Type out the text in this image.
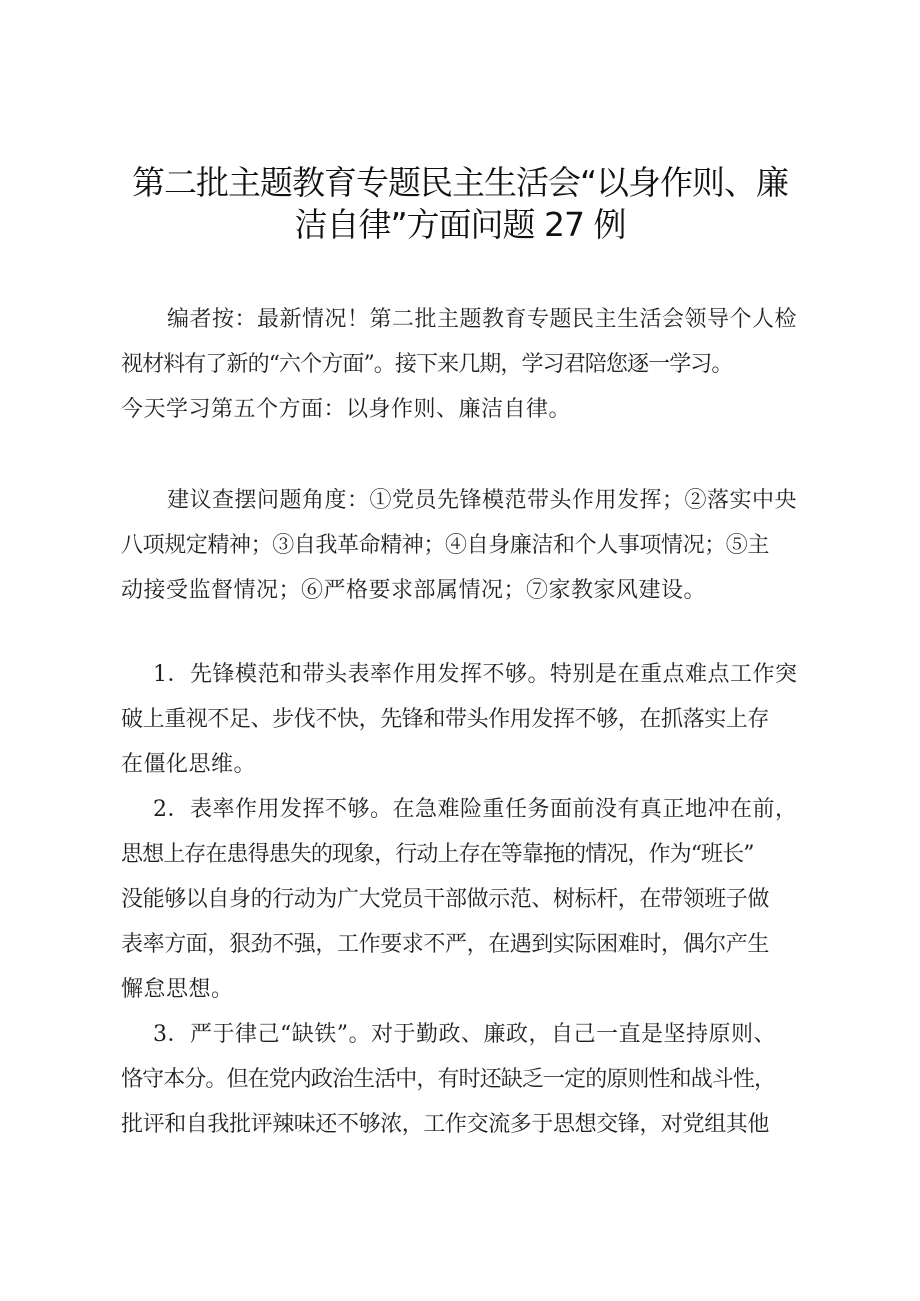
第二批主题教育专题民主生活会“以身作则、廉
洁自律”方面问题 27 例
编者按：最新情况！第二批主题教育专题民主生活会领导个人检
视材料有了新的“六个方面”。接下来几期，学习君陪您逐一学习。
今天学习第五个方面：以身作则、廉洁自律。
建议查摆问题角度：①党员先锋模范带头作用发挥；②落实中央
八项规定精神；③自我革命精神；④自身廉洁和个人事项情况；⑤主
动接受监督情况；⑥严格要求部属情况；⑦家教家风建设。
1．先锋模范和带头表率作用发挥不够。特别是在重点难点工作突
破上重视不足、步伐不快，先锋和带头作用发挥不够，在抓落实上存
在僵化思维。
2．表率作用发挥不够。在急难险重任务面前没有真正地冲在前，
思想上存在患得患失的现象，行动上存在等靠拖的情况，作为“班长”
没能够以自身的行动为广大党员干部做示范、树标杆，在带领班子做
表率方面，狠劲不强，工作要求不严，在遇到实际困难时，偶尔产生
懈怠思想。
3．严于律己“缺铁”。对于勤政、廉政，自己一直是坚持原则、
恪守本分。但在党内政治生活中，有时还缺乏一定的原则性和战斗性，
批评和自我批评辣味还不够浓，工作交流多于思想交锋，对党组其他
